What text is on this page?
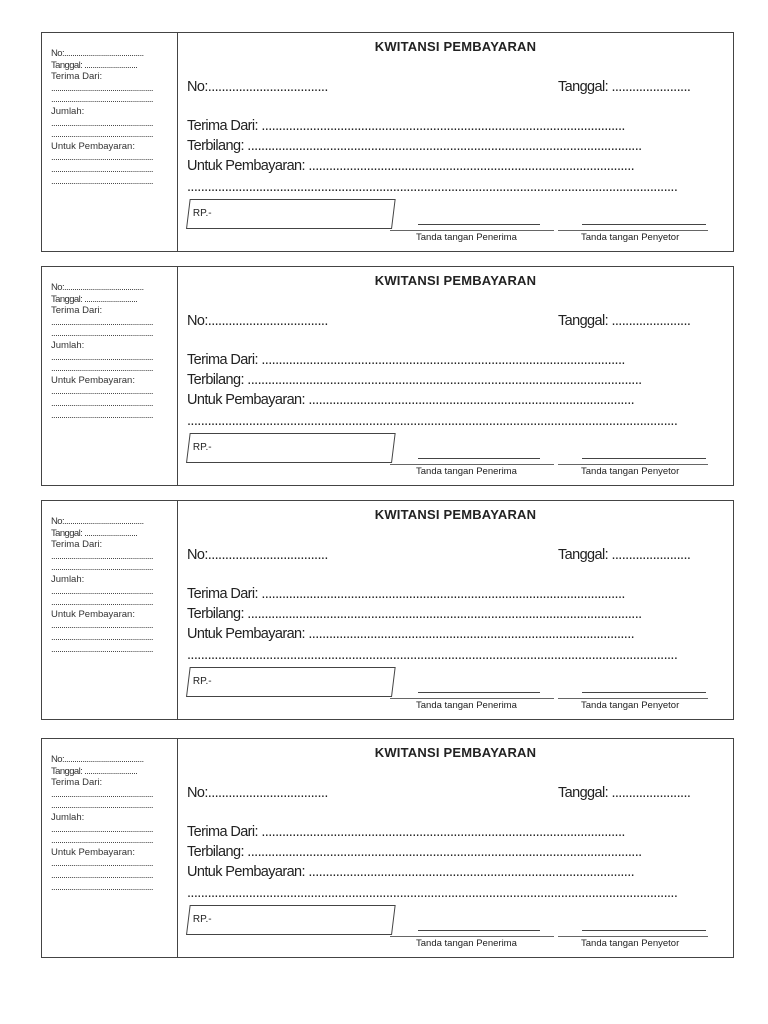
No:.......................................
Tanggal: ..........................
Terima Dari:
..................................................
..................................................
Jumlah:
..................................................
..................................................
Untuk Pembayaran:
..................................................
..................................................
..................................................
KWITANSI PEMBAYARAN
No:...................................	Tanggal: .......................
Terima Dari: ..........................................................................................................
Terbilang: ...................................................................................................................
Untuk Pembayaran: ...............................................................................................
...............................................................................................................................................
RP.-
Tanda tangan Penerima	Tanda tangan Penyetor
No:.......................................
Tanggal: ..........................
Terima Dari:
..................................................
..................................................
Jumlah:
..................................................
..................................................
Untuk Pembayaran:
..................................................
..................................................
..................................................
KWITANSI PEMBAYARAN
No:...................................	Tanggal: .......................
Terima Dari: ..........................................................................................................
Terbilang: ...................................................................................................................
Untuk Pembayaran: ...............................................................................................
...............................................................................................................................................
RP.-
Tanda tangan Penerima	Tanda tangan Penyetor
No:.......................................
Tanggal: ..........................
Terima Dari:
..................................................
..................................................
Jumlah:
..................................................
..................................................
Untuk Pembayaran:
..................................................
..................................................
..................................................
KWITANSI PEMBAYARAN
No:...................................	Tanggal: .......................
Terima Dari: ..........................................................................................................
Terbilang: ...................................................................................................................
Untuk Pembayaran: ...............................................................................................
...............................................................................................................................................
RP.-
Tanda tangan Penerima	Tanda tangan Penyetor
No:.......................................
Tanggal: ..........................
Terima Dari:
..................................................
..................................................
Jumlah:
..................................................
..................................................
Untuk Pembayaran:
..................................................
..................................................
..................................................
KWITANSI PEMBAYARAN
No:...................................	Tanggal: .......................
Terima Dari: ..........................................................................................................
Terbilang: ...................................................................................................................
Untuk Pembayaran: ...............................................................................................
...............................................................................................................................................
RP.-
Tanda tangan Penerima	Tanda tangan Penyetor
